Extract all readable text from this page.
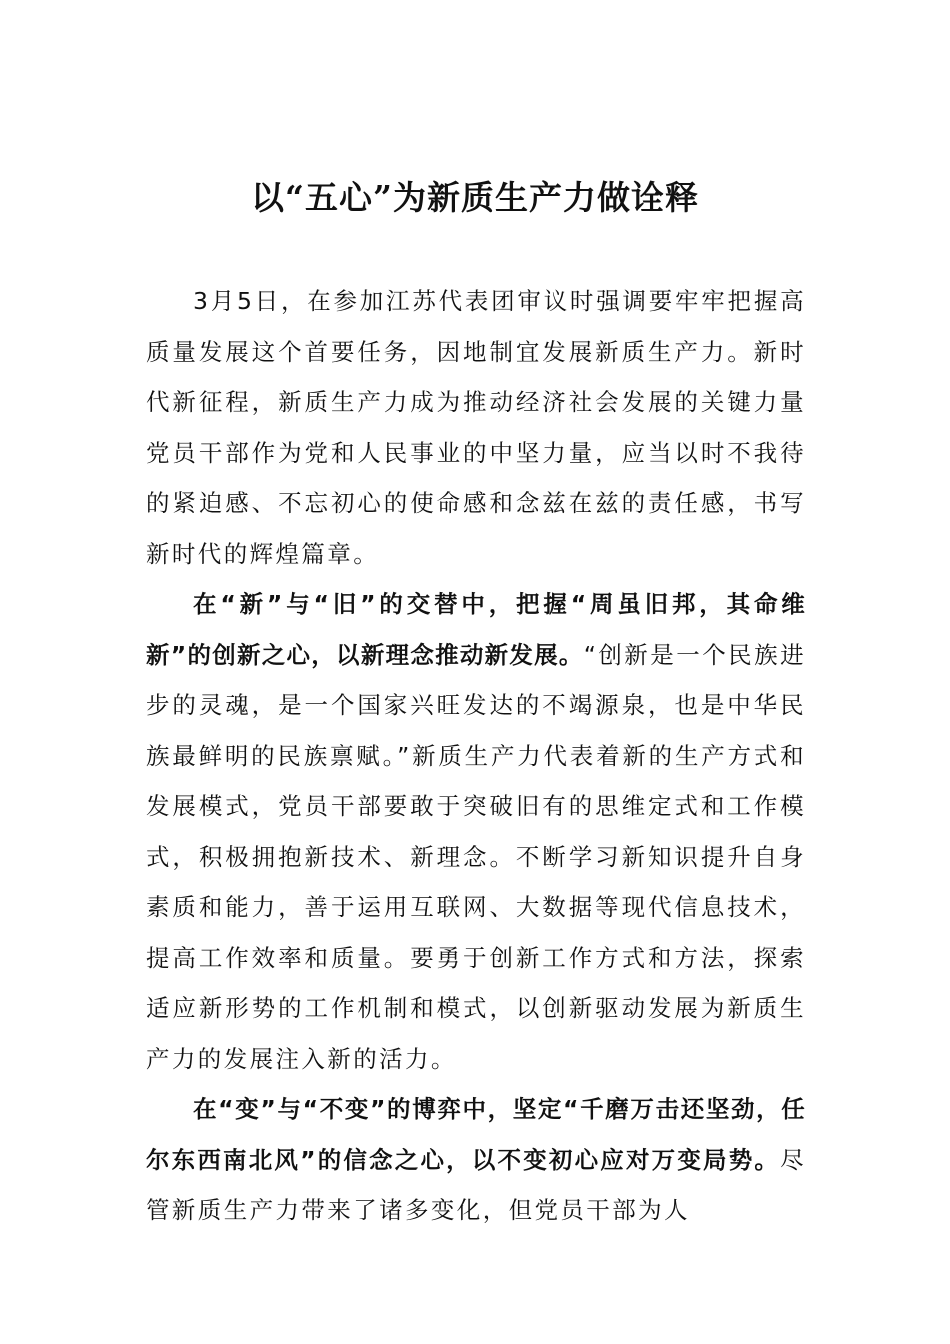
以“五心”为新质生产力做诠释

3月5日，在参加江苏代表团审议时强调要牢牢把握高质量发展这个首要任务，因地制宜发展新质生产力。新时代新征程，新质生产力成为推动经济社会发展的关键力量党员干部作为党和人民事业的中坚力量，应当以时不我待的紧迫感、不忘初心的使命感和念兹在兹的责任感，书写新时代的辉煌篇章。

在“新”与“旧”的交替中，把握“周虽旧邦，其命维新”的创新之心，以新理念推动新发展。“创新是一个民族进步的灵魂，是一个国家兴旺发达的不竭源泉，也是中华民族最鲜明的民族禀赋。”新质生产力代表着新的生产方式和发展模式，党员干部要敢于突破旧有的思维定式和工作模式，积极拥抱新技术、新理念。不断学习新知识提升自身素质和能力，善于运用互联网、大数据等现代信息技术，提高工作效率和质量。要勇于创新工作方式和方法，探索适应新形势的工作机制和模式，以创新驱动发展为新质生产力的发展注入新的活力。

在“变”与“不变”的博弈中，坚定“千磨万击还坚劲，任尔东西南北风”的信念之心，以不变初心应对万变局势。尽管新质生产力带来了诸多变化，但党员干部为人
